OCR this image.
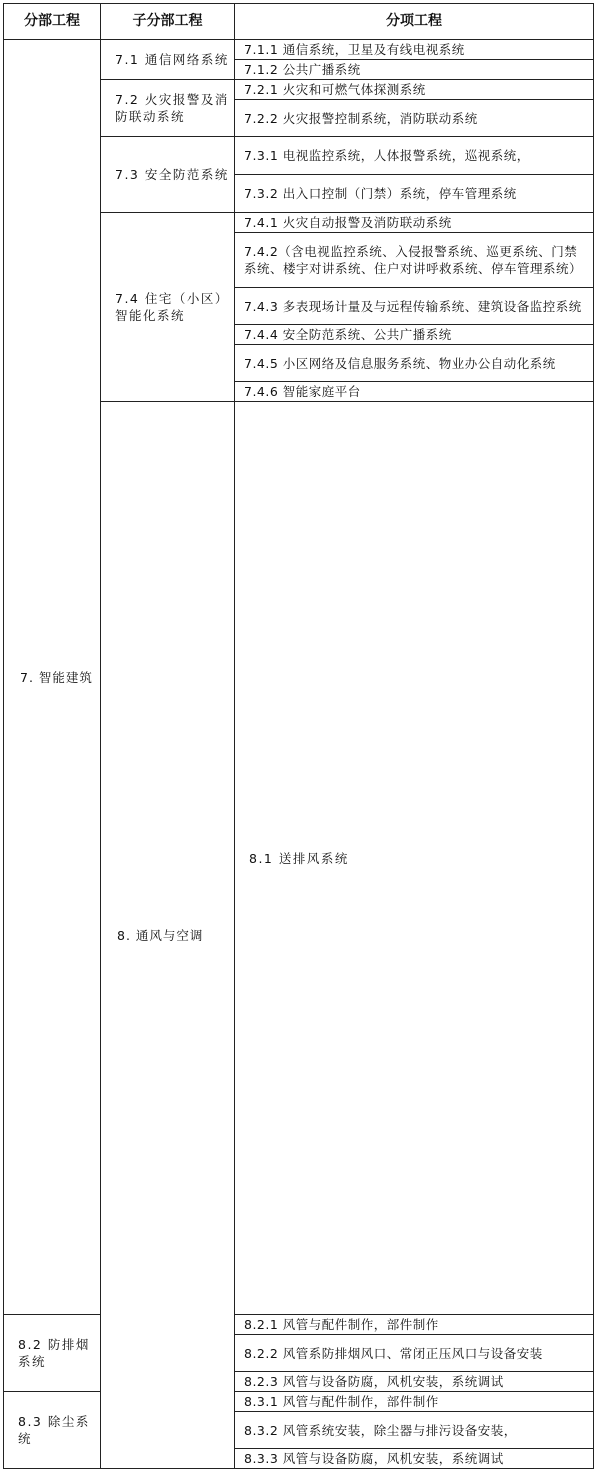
分部工程	子分部工程	分项工程	
7. 智能建筑	7.1 通信网络系统	7.1.1 通信系统，卫星及有线电视系统	
		7.1.2 公共广播系统	
	7.2 火灾报警及消防联动系统	7.2.1 火灾和可燃气体探测系统	
		7.2.2 火灾报警控制系统，消防联动系统	
	7.3 安全防范系统	7.3.1 电视监控系统，人体报警系统，巡视系统，	
		7.3.2 出入口控制（门禁）系统，停车管理系统	
	7.4 住宅（小区）智能化系统	7.4.1 火灾自动报警及消防联动系统	
		7.4.2（含电视监控系统、入侵报警系统、巡更系统、门禁系统、楼宇对讲系统、住户对讲呼救系统、停车管理系统）	
		7.4.3 多表现场计量及与远程传输系统、建筑设备监控系统	
		7.4.4 安全防范系统、公共广播系统	
		7.4.5 小区网络及信息服务系统、物业办公自动化系统	
		7.4.6 智能家庭平台	
	8. 通风与空调	8.1 送排风系统	

8.2 防排烟系统		8.2.1 风管与配件制作，部件制作	
		8.2.2 风管系防排烟风口、常闭正压风口与设备安装	
		8.2.3 风管与设备防腐，风机安装，系统调试	
8.3 除尘系统		8.3.1 风管与配件制作，部件制作	
		8.3.2 风管系统安装，除尘器与排污设备安装，	
		8.3.3 风管与设备防腐，风机安装，系统调试	
